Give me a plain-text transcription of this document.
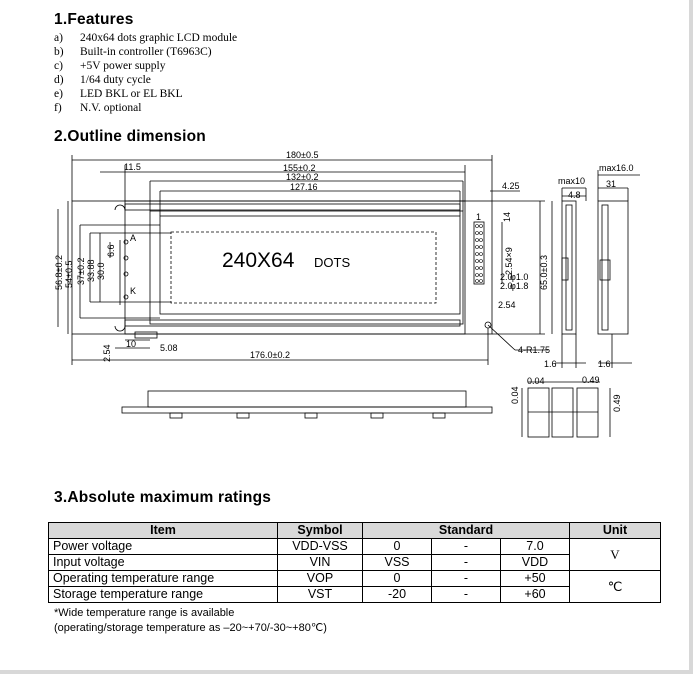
1.Features
a)	240x64 dots graphic LCD module
b)	Built-in controller (T6963C)
c)	+5V power supply
d)	1/64 duty cycle
e)	LED BKL or EL BKL
f)	N.V. optional
2.Outline dimension
240X64 DOTS
180±0.5
155±0.2
132±0.2
127.16
11.5
4.25
4.8
max10
max16.0
31
A
K
1
2.0
2.0
φ1.0
φ1.8
2.54
4-R1.75
176.0±0.2
5.08
10
1.6	1.6
0.04	0.49
56.8±0.2 54±0.5 37±0.2 33.88 30.0
6.6
14
2.54×9	65.0±0.3
2.54
0.04	0.49
3.Absolute maximum ratings
Item	Symbol	Standard			Unit
Power voltage	VDD-VSS	0	-	7.0	V
Input voltage	VIN	VSS	-	VDD	
Operating temperature range	VOP	0	-	+50	℃
Storage temperature range	VST	-20	-	+60	
*Wide temperature range is available
(operating/storage temperature as –20~+70/-30~+80℃)
